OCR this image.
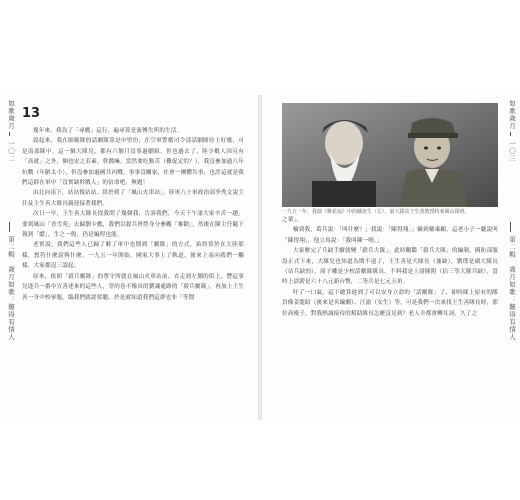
如歌歲月
一〇二
第二輯　歲月如歌：難得有情人
如歌歲月
一〇三
第二輯　歲月如歌：難得有情人
13

幾年來，我為了「尋戲」這行，遍尋算是流傳失所的生活。

說起來，我在師範隊的話劇隊算是中堅份，在空軍警衛司令部話劇隊待上好幾，可是南部隊中，這一個大隊兒，都有六個月沒事過劇組，但也過去了，陸少數人因另有「高就」之外，個也安之若素。幹戲嘛，當然要吃點苦（難促定的？），我沒參加過八年抗戰（年齡太小），但沒參加過國共內戰，事事沒關家，社會一團體告事，也許這就是我們這群在軍中「沒實缺幹戲人」的宿命吧，無題！

由北向南下，站站復站站，終於到了「風山火車站」，陸軍八十軍政治部李秀文說主任及主生善大隊長親迎接著我們。

次日一早，王生善大隊長找我問了幾個我，告訴我們，今天下午諸大家辛苦一趟，要到風山「香雪苑」去歸劉卡戲，我們以殺兵班勞身分參觀「審勸」，然後在陳主任隨下報到「獻」，生之一般，仍是編程也能。

老實說，我們這些人已歸了解了軍中也期到「劇隊」的方式，始終算於在大陸那樣，想符什麼說與什麼。一九五一年開始，國家大事上了軌道，後來上南向我們一觸樣，大家都沒三認起。

原來，依照「殺兵劇隊」的尊守所就在風山火車站前，直走到左側的街上，豐這事兒逢兵一番中宣善述來的這些人，穿的卷不像真的劉識處路的「殺兵劇隊」，再加上王生善一身中校軍服，臨我們就說要聽，於是就知道我們這群也非「等閒

一九五一年，我演《桃花扇》中的蘇崑生（左），前大隊長王生善教授特來風山探班。

之輩」。

輪到我，葛兵說：「叫什麼？」我說：「陳得翔。」輪到戴乘顧，這老小子一聽說叫「陳得翔」，他立馬說：「我叫陳一鳴。」

大家辦完了兵缺手續就變「殺兵大隊」，此時觀鑑「殺兵大隊」的編制，國防部服設正式下來，大隊兒也知道為期不遠了，王生善是大隊長（兼缺），劉璞是副大隊長（佔兵缺的），周子雕是少校話劇隊隊長，不料我是上尉隊附（佔三等大隊兵缺），當時上尉薪是六十八元新台幣，二等兵是七元五角。

吁了一口氣，這下總算進到了可以安身立命的「話劇隊」了，卻時隊上原有的隊員像姜龍昭（後來是名編劇）、汪渝（女生）等，可是我們一次來找王生善隊長時，那位高瘦子，對我熱誠接待的幫助隊長怎麼沒見到？老人全都會轉耳詞，久了之
